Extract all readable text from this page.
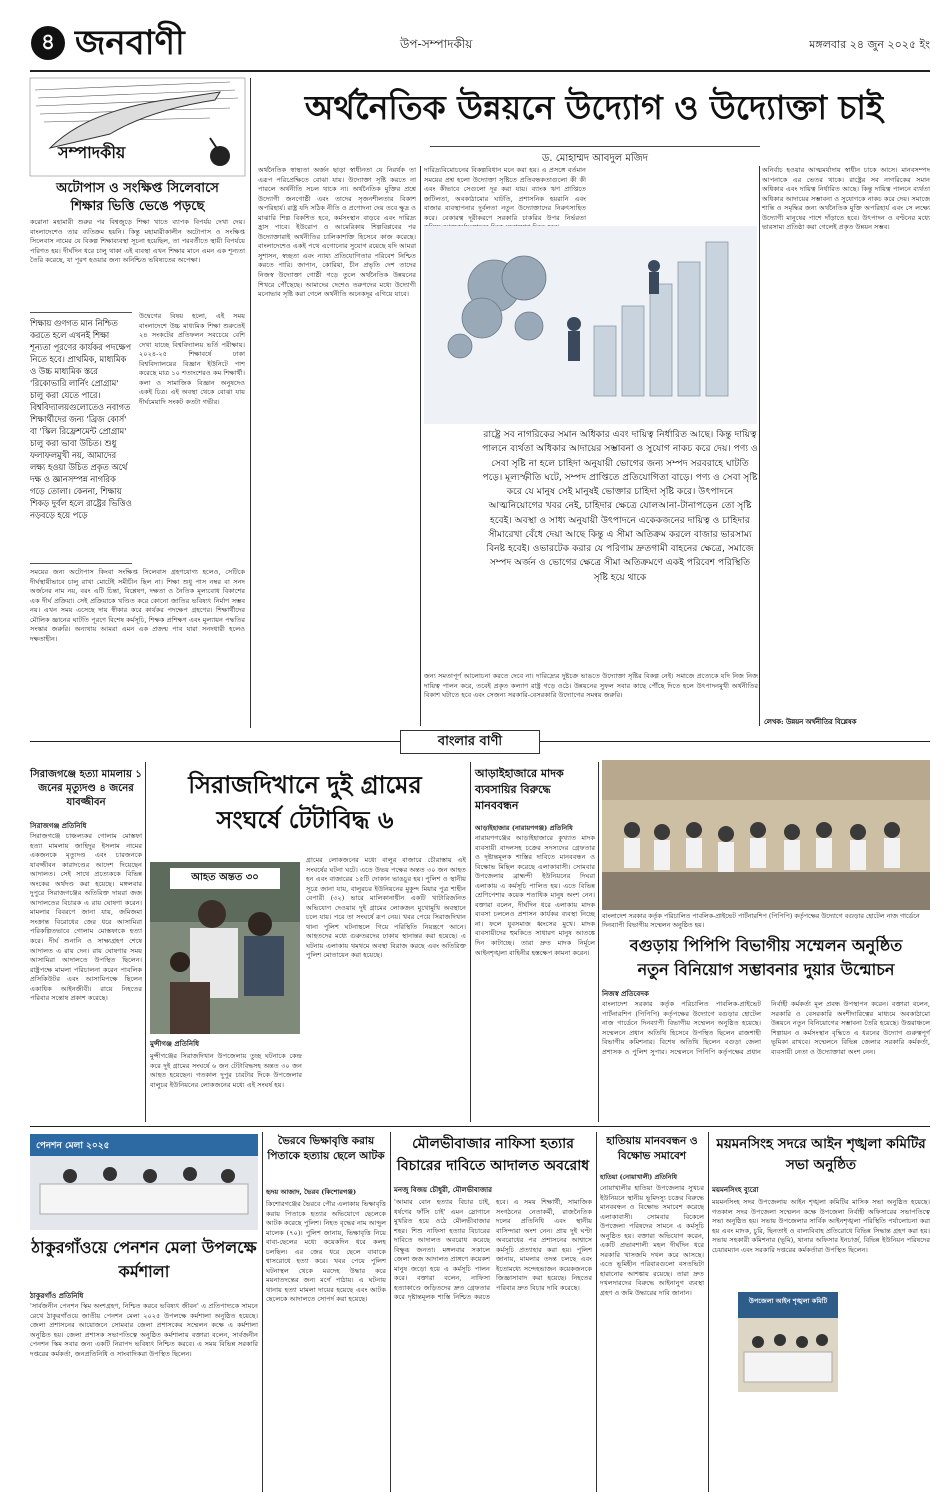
৪ জনবাণী	উপ-সম্পাদকীয়	মঙ্গলবার ২৪ জুন ২০২৫ ইং
সম্পাদকীয়
অটোপাস ও সংক্ষিপ্ত সিলেবাসে
শিক্ষার ভিত্তি ভেঙে পড়ছে
করোনা মহামারী শুরুর পর বিশ্বজুড়ে শিক্ষা খাতে ব্যাপক বিপর্যয় দেখা দেয়। বাংলাদেশেও তার ব্যতিক্রম হয়নি। কিন্তু মহামারীকালীন অটোপাস ও সংক্ষিপ্ত সিলেবাস নামের যে বিকল্প শিক্ষাব্যবস্থা সূচনা হয়েছিল, তা পরবর্তীতে স্থায়ী বিপর্যয়ে পরিণত হয়। দীর্ঘদিন ধরে চালু থাকা এই ব্যবস্থা এখন শিক্ষার মানে এমন এক শূন্যতা তৈরি করেছে, যা পূরণ হওয়ার জন্য অনিশ্চিত ভবিষ্যতের অপেক্ষা।
শিক্ষায় গুণগত মান নিশ্চিত করতে হলে এখনই শিক্ষা শূন্যতা পূরণের কার্যকর পদক্ষেপ নিতে হবে। প্রাথমিক, মাধ্যমিক ও উচ্চ মাধ্যমিক স্তরে 'রিকোভারি লার্নিং প্রোগ্রাম' চালু করা যেতে পারে। বিশ্ববিদ্যালয়গুলোতেও নবাগত শিক্ষার্থীদের জন্য 'ব্রিজ কোর্স' বা 'স্কিল রিফ্রেশমেন্ট প্রোগ্রাম' চালু করা ভাবা উচিত। শুধু ফলাফলমুখী নয়, আমাদের লক্ষ্য হওয়া উচিত প্রকৃত অর্থে দক্ষ ও জ্ঞানসম্পন্ন নাগরিক গড়ে তোলা। কেননা, শিক্ষায় শিকড় দুর্বল হলে রাষ্ট্রের ভিত্তিও নড়বড়ে হয়ে পড়ে
উদ্বেগের বিষয় হলো, এই সময় বাংলাদেশে উচ্চ মাধ্যমিক শিক্ষা শুরুতেই ২৪ সংকটের প্রতিফলন সবচেয়ে বেশি দেখা যাচ্ছে বিশ্ববিদ্যালয় ভর্তি পরীক্ষায়। ২০২৪-২৫ শিক্ষাবর্ষে ঢাকা বিশ্ববিদ্যালয়ের বিজ্ঞান ইউনিটে পাশ করেছে মাত্র ১০ শতাংশেরও কম শিক্ষার্থী। কলা ও সামাজিক বিজ্ঞান অনুষদেও একই চিত্র। এই অবস্থা থেকে বোঝা যায় দীর্ঘমেয়াদি সংকট কতটা গভীর।
সময়ের জন্য অটোপাস কিংবা সংক্ষিপ্ত সিলেবাস গ্রহণযোগ্য হলেও, সেটিকে দীর্ঘস্থায়ীভাবে চালু রাখা মোটেই সমীচীন ছিল না। শিক্ষা শুধু পাস নম্বর বা সনদ অর্জনের নাম নয়, বরং এটি চিন্তা, বিশ্লেষণ, দক্ষতা ও নৈতিক মূল্যবোধ বিকাশের এক দীর্ঘ প্রক্রিয়া। সেই প্রক্রিয়াকে খণ্ডিত করে কোনো জাতির ভবিষ্যৎ নির্মাণ সম্ভব নয়। এখন সময় এসেছে দায় স্বীকার করে কার্যকর পদক্ষেপ গ্রহণের। শিক্ষার্থীদের মৌলিক জ্ঞানের ঘাটতি পূরণে বিশেষ কর্মসূচি, শিক্ষক প্রশিক্ষণ এবং মূল্যায়ন পদ্ধতির সংস্কার জরুরি। অন্যথায় আমরা এমন এক প্রজন্ম পাব যারা সনদধারী হলেও দক্ষতাহীন।
অর্থনৈতিক উন্নয়নে উদ্যোগ ও উদ্যোক্তা চাই
ড. মোহাম্মদ আবদুল মজিদ
অর্থনৈতিক স্বাস্থ্যতা অর্জন ছাড়া স্বাধীনতা যে নিরর্থক তা এরূপ পরিপ্রেক্ষিতে বোঝা যায়। উদ্যোক্তা সৃষ্টি করতে না পারলে অর্থনীতি সচল থাকে না। অর্থনৈতিক মুক্তির প্রশ্নে উদ্যোগী জনগোষ্ঠী এবং তাদের সৃজনশীলতার বিকাশ অপরিহার্য। রাষ্ট্র যদি সঠিক নীতি ও প্রণোদনা দেয় তবে ক্ষুদ্র ও মাঝারি শিল্প বিকশিত হবে, কর্মসংস্থান বাড়বে এবং দারিদ্র্য হ্রাস পাবে। ইউরোপ ও আমেরিকায় শিল্পবিপ্লবের পর উদ্যোক্তারাই অর্থনীতির চালিকাশক্তি হিসেবে কাজ করেছে। বাংলাদেশেও একই পথে এগোনোর সুযোগ রয়েছে যদি আমরা সুশাসন, স্বচ্ছতা এবং ন্যায্য প্রতিযোগিতার পরিবেশ নিশ্চিত করতে পারি। জাপান, কোরিয়া, চীন প্রভৃতি দেশ তাদের নিজস্ব উদ্যোক্তা গোষ্ঠী গড়ে তুলে অর্থনৈতিক উন্নয়নের শিখরে পৌঁছেছে। আমাদের দেশেও তরুণদের মধ্যে উদ্যোগী মনোভাব সৃষ্টি করা গেলে অর্থনীতি অনেকদূর এগিয়ে যাবে।
দারিদ্র্যবিমোচনের বিকল্পবিধান মনে করা হয়। এ প্রসঙ্গে বর্তমান সময়ের প্রশ্ন হলো উদ্যোক্তা সৃষ্টিতে প্রতিবন্ধকতাগুলো কী কী এবং কীভাবে সেগুলো দূর করা যায়। ব্যাংক ঋণ প্রাপ্তিতে জটিলতা, অবকাঠামোর ঘাটতি, প্রশাসনিক হয়রানি এবং বাজার ব্যবস্থাপনার দুর্বলতা নতুন উদ্যোক্তাদের নিরুৎসাহিত করে। বেকারত্ব দূরীকরণে সরকারি চাকরির উপর নির্ভরতা
অনির্বাচ হওয়ার আত্মমর্যাদায় স্বাধীন চাকে আসে। মানবসম্পদ আপনাকে এর ভেতর থাকে। রাষ্ট্রের সব নাগরিকের সমান অধিকার এবং দায়িত্ব নির্ধারিত আছে। কিন্তু দায়িত্ব পালনে ব্যর্থতা অধিকার আদায়ের সম্ভাবনা ও সুযোগকে নাকচ করে দেয়। সমাজে শান্তি ও সমৃদ্ধির জন্য অর্থনৈতিক মুক্তি অপরিহার্য এবং সে লক্ষ্যে উদ্যোগী মানুষের পাশে দাঁড়াতে হবে। উৎপাদন ও বণ্টনের মধ্যে ভারসাম্য প্রতিষ্ঠা করা গেলেই প্রকৃত উন্নয়ন সম্ভব।
রাষ্ট্রে সব নাগরিকের সমান অধিকার এবং দায়িত্ব নির্ধারিত আছে। কিন্তু দায়িত্ব পালনে ব্যর্থতা অধিকার আদায়ের সম্ভাবনা ও সুযোগ নাকচ করে দেয়। পণ্য ও সেবা সৃষ্টি না হলে চাহিদা অনুযায়ী ভোগের জন্য সম্পদ সরবরাহে ঘাটতি পড়ে। মূল্যস্ফীতি ঘটে, সম্পদ প্রাপ্তিতে প্রতিযোগিতা বাড়ে। পণ্য ও সেবা সৃষ্টি করে যে মানুষ সেই মানুষই ভোক্তার চাহিদা সৃষ্টি করে। উৎপাদনে আত্মনিয়োগের খবর নেই, চাহিদার ক্ষেত্রে যোলআনা-টানাপড়েন তো সৃষ্টি হবেই। অবস্থা ও সাধ্য অনুযায়ী উৎপাদনে একেকজনের দায়িত্ব ও চাহিদার সীমারেখা বেঁধে দেয়া আছে কিন্তু এ সীমা অতিক্রম করলে বাজার ভারসাম্য বিনষ্ট হবেই। ওভারটেক করার যে পরিণাম দ্রুতগামী বাহনের ক্ষেত্রে, সমাজে সম্পদ অর্জন ও ভোগের ক্ষেত্রে সীমা অতিক্রমণে একই পরিবেশ পরিস্থিতি সৃষ্টি হয়ে থাকে
জন্য সমতাপূর্ণ আলোচনা করতে দেবে না। দারিদ্র্যের দুষ্টচক্র ভাঙতে উদ্যোক্তা সৃষ্টির বিকল্প নেই। সমাজে প্রত্যেকে যদি নিজ নিজ দায়িত্ব পালন করে, তবেই প্রকৃত কল্যাণ রাষ্ট্র গড়ে ওঠে। উন্নয়নের সুফল সবার কাছে পৌঁছে দিতে হলে উৎপাদনমুখী অর্থনীতির বিকাশ ঘটাতে হবে এবং সেজন্য সরকারি-বেসরকারি উদ্যোগের সমন্বয় জরুরি।
লেখক: উন্নয়ন অর্থনীতির বিশ্লেষক
বাংলার বাণী
সিরাজগঞ্জে হত্যা মামলায় ১ জনের মৃত্যুদণ্ড ৪ জনের যাবজ্জীবন
সিরাজগঞ্জ প্রতিনিধি
সিরাজগঞ্জে চাঞ্চল্যকর গোলাম মোস্তফা হত্যা মামলায় জাহিদুর ইসলাম নামের একজনকে মৃত্যুদণ্ড এবং চারজনকে যাবজ্জীবন কারাদণ্ডের আদেশ দিয়েছেন আদালত। সেই সাথে প্রত্যেককে বিভিন্ন অংকের অর্থদণ্ড করা হয়েছে। মঙ্গলবার দুপুরে সিরাজগঞ্জের অতিরিক্ত দায়রা জজ আদালতের বিচারক এ রায় ঘোষণা করেন। মামলার বিবরণে জানা যায়, জমিজমা সংক্রান্ত বিরোধের জের ধরে আসামিরা পরিকল্পিতভাবে গোলাম মোস্তফাকে হত্যা করে। দীর্ঘ শুনানি ও সাক্ষ্যগ্রহণ শেষে আদালত এ রায় দেন। রায় ঘোষণার সময় আসামিরা আদালতে উপস্থিত ছিলেন। রাষ্ট্রপক্ষে মামলা পরিচালনা করেন পাবলিক প্রসিকিউটর এবং আসামিপক্ষে ছিলেন একাধিক আইনজীবী। রায়ে নিহতের পরিবার সন্তোষ প্রকাশ করেছে।
সিরাজদিখানে দুই গ্রামের
সংঘর্ষে টেটাবিদ্ধ ৬
আহত অন্তত ৩০
মুন্সীগঞ্জ প্রতিনিধি
মুন্সীগঞ্জের সিরাজদিখান উপজেলায় তুচ্ছ ঘটনাকে কেন্দ্র করে দুই গ্রামের সংঘর্ষে ৬ জন টেটাবিদ্ধসহ অন্তত ৩০ জন আহত হয়েছেন। গতকাল দুপুর চারটার দিকে উপজেলার বালুচর ইউনিয়নের লোকজনের মধ্যে এই সংঘর্ষ হয়।
গ্রামের লোকজনের মধ্যে বালুর বাজারে চৌরাস্তায় এই সংঘর্ষের ঘটনা ঘটে। এতে উভয় পক্ষের অন্তত ৩০ জন আহত হন এবং বাজারের ১৫টি দোকান ভাঙচুর হয়। পুলিশ ও স্থানীয় সূত্রে জানা যায়, বালুরচর ইউনিয়নের মুকুন্দ মিয়ার পুত্র শাহীন বেপারী (৩২) ভারে মালিকানাধীন একটি খাটারিজনিত অভিযোগ দেওয়ায় দুই গ্রামের লোকজন মুখোমুখি অবস্থানে চলে যায়। পরে তা সংঘর্ষে রূপ নেয়। খবর পেয়ে সিরাজদিখান থানা পুলিশ ঘটনাস্থলে গিয়ে পরিস্থিতি নিয়ন্ত্রণে আনে। আহতদের মধ্যে গুরুতরদের ঢাকায় স্থানান্তর করা হয়েছে। এ ঘটনায় এলাকায় থমথমে অবস্থা বিরাজ করছে এবং অতিরিক্ত পুলিশ মোতায়েন করা হয়েছে।
আড়াইহাজারে মাদক ব্যবসায়ির বিরুদ্ধে মানববন্ধন
আড়াইহাজার (নারায়ণগঞ্জ) প্রতিনিধি
নারায়ণগঞ্জের আড়াইহাজারে কুখ্যাত মাদক ব্যবসায়ী বাদলসহ চক্রের সদস্যদের গ্রেফতার ও দৃষ্টান্তমূলক শাস্তির দাবিতে মানববন্ধন ও বিক্ষোভ মিছিল করেছে এলাকাবাসী। সোমবার উপজেলার ব্রাহ্মন্দী ইউনিয়নের দিঘরা এলাকায় এ কর্মসূচি পালিত হয়। এতে বিভিন্ন শ্রেণিপেশার কয়েক শতাধিক মানুষ অংশ নেন। বক্তারা বলেন, দীর্ঘদিন ধরে এলাকায় মাদক ব্যবসা চললেও প্রশাসন কার্যকর ব্যবস্থা নিচ্ছে না। ফলে যুবসমাজ ধ্বংসের মুখে। মাদক ব্যবসায়ীদের হুমকিতে সাধারণ মানুষ আতঙ্কে দিন কাটাচ্ছে। তারা দ্রুত মাদক নির্মূলে আইনশৃঙ্খলা বাহিনীর হস্তক্ষেপ কামনা করেন।
বাংলাদেশ সরকার কর্তৃক পরিচালিত পাবলিক-প্রাইভেট পার্টনারশিপ (পিপিপি) কর্তৃপক্ষের উদ্যোগে বগুড়ার হোটেল নাজ গার্ডেনে দিনব্যাপী বিভাগীয় সম্মেলন অনুষ্ঠিত হয়।
বগুড়ায় পিপিপি বিভাগীয় সম্মেলন অনুষ্ঠিত
নতুন বিনিয়োগ সম্ভাবনার দুয়ার উন্মোচন
নিজস্ব প্রতিবেদক
বাংলাদেশ সরকার কর্তৃক পরিচালিত পাবলিক-প্রাইভেট পার্টনারশিপ (পিপিপি) কর্তৃপক্ষের উদ্যোগে বগুড়ার হোটেল নাজ গার্ডেনে দিনব্যাপী বিভাগীয় সম্মেলন অনুষ্ঠিত হয়েছে। সম্মেলনে প্রধান অতিথি হিসেবে উপস্থিত ছিলেন রাজশাহী বিভাগীয় কমিশনার। বিশেষ অতিথি ছিলেন বগুড়া জেলা প্রশাসক ও পুলিশ সুপার। সম্মেলনে পিপিপি কর্তৃপক্ষের প্রধান নির্বাহী কর্মকর্তা মূল প্রবন্ধ উপস্থাপন করেন। বক্তারা বলেন, সরকারি ও বেসরকারি অংশীদারিত্বের মাধ্যমে অবকাঠামো উন্নয়নে নতুন বিনিয়োগের সম্ভাবনা তৈরি হয়েছে। উত্তরাঞ্চলে শিল্পায়ন ও কর্মসংস্থান বৃদ্ধিতে এ ধরনের উদ্যোগ গুরুত্বপূর্ণ ভূমিকা রাখবে। সম্মেলনে বিভিন্ন জেলার সরকারি কর্মকর্তা, ব্যবসায়ী নেতা ও উদ্যোক্তারা অংশ নেন।
পেনশন মেলা ২০২৫
ঠাকুরগাঁওয়ে পেনশন মেলা উপলক্ষে কর্মশালা
ঠাকুরগাঁও প্রতিনিধি
'সার্বজনীন পেনশন স্কিম অংশগ্রহণ, নিশ্চিত করবে ভবিষ্যৎ জীবন' এ প্রতিপাদ্যকে সামনে রেখে ঠাকুরগাঁওয়ে জাতীয় পেনশন মেলা ২০২৫ উপলক্ষে কর্মশালা অনুষ্ঠিত হয়েছে। জেলা প্রশাসনের আয়োজনে সোমবার জেলা প্রশাসকের সম্মেলন কক্ষে এ কর্মশালা অনুষ্ঠিত হয়। জেলা প্রশাসক সভাপতিত্বে অনুষ্ঠিত কর্মশালায় বক্তারা বলেন, সার্বজনীন পেনশন স্কিম সবার জন্য একটি নিরাপদ ভবিষ্যৎ নিশ্চিত করবে। এ সময় বিভিন্ন সরকারি দপ্তরের কর্মকর্তা, জনপ্রতিনিধি ও সাংবাদিকরা উপস্থিত ছিলেন।
ভৈরবে ভিক্ষাবৃত্তি করায় পিতাকে হত্যায় ছেলে আটক
হৃদয় আজাদ, ভৈরব (কিশোরগঞ্জ)
কিশোরগঞ্জের ভৈরবে পৌর এলাকায় ভিক্ষাবৃত্তি করায় পিতাকে হত্যার অভিযোগে ছেলেকে আটক করেছে পুলিশ। নিহত বৃদ্ধের নাম আব্দুল মালেক (৭০)। পুলিশ জানায়, ভিক্ষাবৃত্তি নিয়ে বাবা-ছেলের মধ্যে কয়েকদিন ধরে কলহ চলছিল। এর জের ধরে ছেলে বাবাকে শ্বাসরোধে হত্যা করে। খবর পেয়ে পুলিশ ঘটনাস্থল থেকে মরদেহ উদ্ধার করে ময়নাতদন্তের জন্য মর্গে পাঠায়। এ ঘটনায় থানায় হত্যা মামলা দায়ের হয়েছে এবং আটক ছেলেকে আদালতে সোপর্দ করা হয়েছে।
মৌলভীবাজার নাফিসা হত্যার
বিচারের দাবিতে আদালত অবরোধ
মনজু বিজয় চৌধুরী, মৌলভীবাজার
'আমার বোন হত্যার বিচার চাই, ধর্ষণের ফাঁসি চাই' এমন স্লোগানে মুখরিত হয়ে ওঠে মৌলভীবাজার শহর। শিশু নাফিসা হত্যার বিচারের দাবিতে আদালত অবরোধ করেছে বিক্ষুব্ধ জনতা। মঙ্গলবার সকালে জেলা জজ আদালত প্রাঙ্গণে কয়েকশ মানুষ জড়ো হয়ে এ কর্মসূচি পালন করে। বক্তারা বলেন, নাফিসা হত্যাকাণ্ডে জড়িতদের দ্রুত গ্রেফতার করে দৃষ্টান্তমূলক শাস্তি নিশ্চিত করতে হবে। এ সময় শিক্ষার্থী, সামাজিক সংগঠনের নেতাকর্মী, রাজনৈতিক দলের প্রতিনিধি এবং স্থানীয় বাসিন্দারা অংশ নেন। প্রায় দুই ঘণ্টা অবরোধের পর প্রশাসনের আশ্বাসে কর্মসূচি প্রত্যাহার করা হয়। পুলিশ জানায়, মামলার তদন্ত চলছে এবং ইতোমধ্যে সন্দেহভাজন কয়েকজনকে জিজ্ঞাসাবাদ করা হয়েছে। নিহতের পরিবার দ্রুত বিচার দাবি করেছে।
হাতিয়ায় মানববন্ধন ও বিক্ষোভ সমাবেশ
হাতিয়া (নোয়াখালী) প্রতিনিধি
নোয়াখালীর হাতিয়া উপজেলার সুখচর ইউনিয়নে স্থানীয় ভূমিদস্যু চক্রের বিরুদ্ধে মানববন্ধন ও বিক্ষোভ সমাবেশ করেছে এলাকাবাসী। সোমবার বিকেলে উপজেলা পরিষদের সামনে এ কর্মসূচি অনুষ্ঠিত হয়। বক্তারা অভিযোগ করেন, একটি প্রভাবশালী মহল দীর্ঘদিন ধরে সরকারি খাসজমি দখল করে আসছে। এতে ভূমিহীন পরিবারগুলো বসতভিটা হারানোর আশঙ্কায় রয়েছে। তারা দ্রুত দখলদারদের বিরুদ্ধে আইনানুগ ব্যবস্থা গ্রহণ ও জমি উদ্ধারের দাবি জানান।
ময়মনসিংহ সদরে আইন শৃঙ্খলা কমিটির সভা অনুষ্ঠিত
ময়মনসিংহ ব্যুরো
ময়মনসিংহ সদর উপজেলায় আইন শৃঙ্খলা কমিটির মাসিক সভা অনুষ্ঠিত হয়েছে। গতকাল সদর উপজেলা সম্মেলন কক্ষে উপজেলা নির্বাহী অফিসারের সভাপতিত্বে সভা অনুষ্ঠিত হয়। সভায় উপজেলার সার্বিক আইনশৃঙ্খলা পরিস্থিতি পর্যালোচনা করা হয় এবং মাদক, চুরি, ছিনতাই ও বাল্যবিবাহ প্রতিরোধে বিভিন্ন সিদ্ধান্ত গ্রহণ করা হয়। সভায় সহকারী কমিশনার (ভূমি), থানার অফিসার ইনচার্জ, বিভিন্ন ইউনিয়ন পরিষদের চেয়ারম্যান এবং সরকারি দপ্তরের কর্মকর্তারা উপস্থিত ছিলেন।
উপজেলা আইন শৃঙ্খলা কমিটি
